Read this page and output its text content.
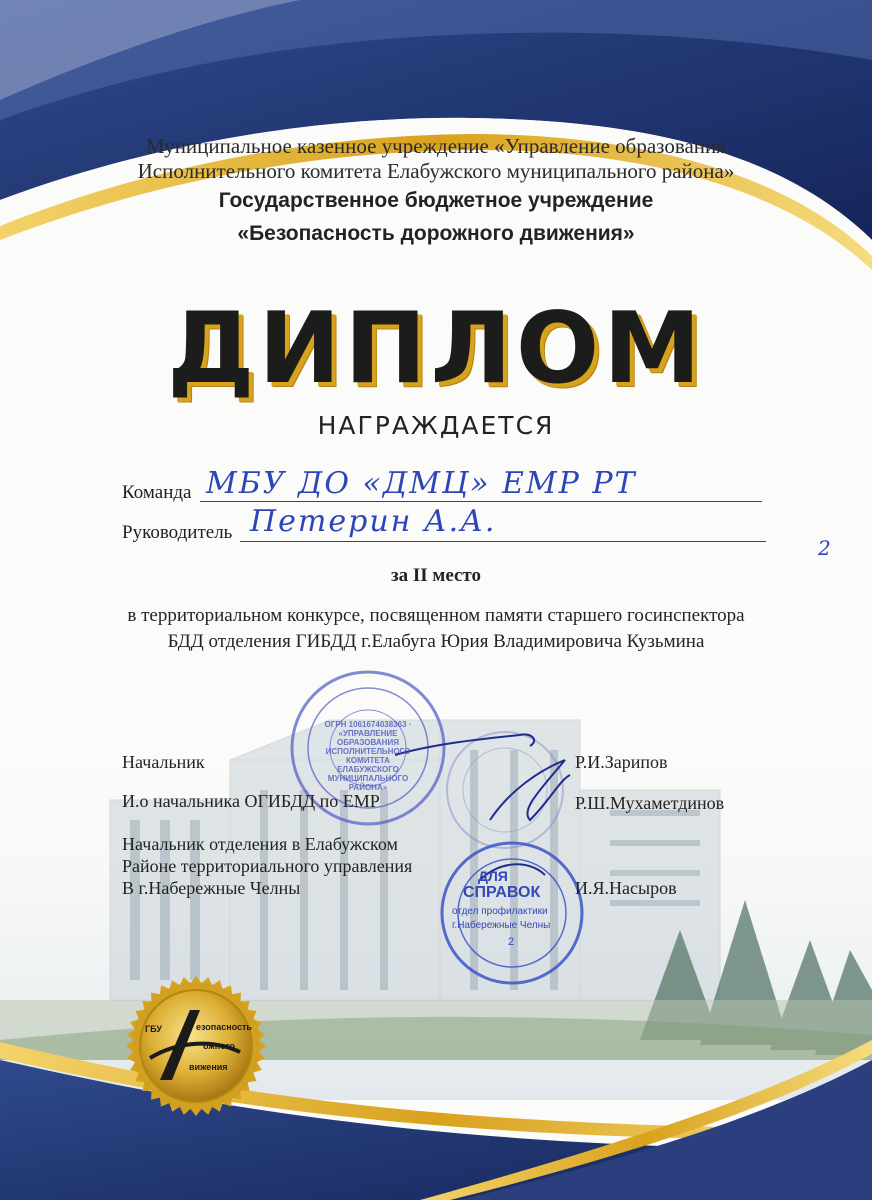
Муниципальное казенное учреждение «Управление образования
Исполнительного комитета Елабужского муниципального района»
Государственное бюджетное учреждение
«Безопасность дорожного движения»
ДИПЛОМ
НАГРАЖДАЕТСЯ
Команда МБУ ДО «ДМЦ» ЕМР РТ
Руководитель Петерин А.А.
2
за II место
в территориальном конкурсе, посвященном памяти старшего госинспектора
БДД отделения ГИБДД г.Елабуга Юрия Владимировича Кузьмина
ОГРН 1061674038363 · «УПРАВЛЕНИЕ ОБРАЗОВАНИЯ ИСПОЛНИТЕЛЬНОГО КОМИТЕТА ЕЛАБУЖСКОГО МУНИЦИПАЛЬНОГО РАЙОНА»
ДЛЯ
СПРАВОК
отдел профилактики
г.Набережные Челны
2
Начальник	Р.И.Зарипов
И.о начальника ОГИБДД по ЕМР	Р.Ш.Мухаметдинов
Начальник отделения в Елабужском
Районе территориального управления
В г.Набережные Челны	И.Я.Насыров
ГБУ	езопасность
ожного
вижения
